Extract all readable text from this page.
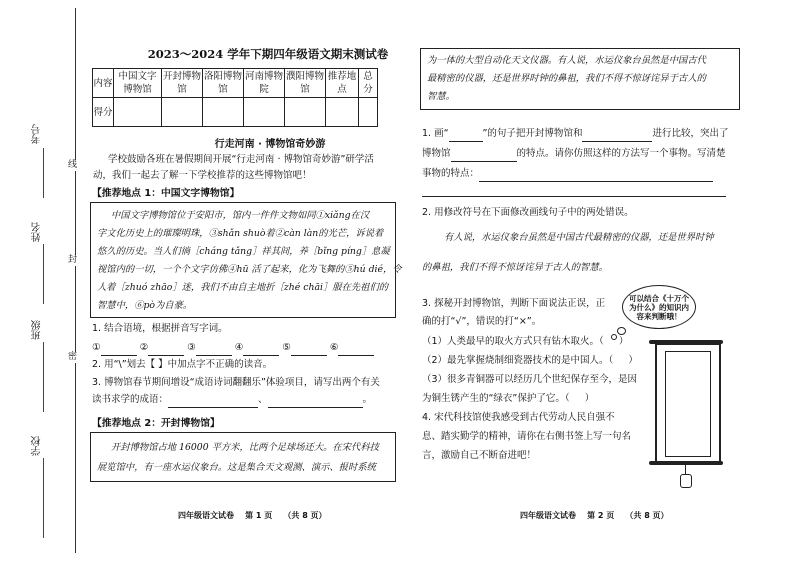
考号
姓名
班级
学校
线
封
密
2023～2024 学年下期四年级语文期末测试卷
内容	中国文字博物馆	开封博物馆	洛阳博物馆	河南博物院	濮阳博物馆	推荐地点	总分
得分							
行走河南 · 博物馆奇妙游
学校鼓励各班在暑假期间开展“行走河南 · 博物馆奇妙游”研学活
动，我们一起去了解一下学校推荐的这些博物馆吧！
【推荐地点 1：中国文字博物馆】
中国文字博物馆位于安阳市，馆内一件件文物如同①xiǎng在汉
字文化历史上的璀璨明珠，③shǎn shuò着②càn làn的光芒，诉说着
悠久的历史。当人们徜［cháng tǎng］祥其间，养［bǐng píng］息凝
视馆内的一切，一个个文字仿佛④hū 活了起来，化为飞舞的⑤hú dié，令
人着［zhuó zhāo］迷，我们不由自主地折［zhé chāi］服在先祖们的
智慧中，⑥pò为自豪。
1. 结合语境，根据拼音写字词。
①	②	③	④	⑤	⑥
2. 用“\”划去【 】中加点字不正确的读音。
3. 博物馆春节期间增设“成语诗词翻翻乐”体验项目，请写出两个有关
读书求学的成语：	、	。
【推荐地点 2：开封博物馆】
开封博物馆占地 16000 平方米，比两个足球场还大。在宋代科技
展览馆中，有一座水运仪象台。这是集合天文观测、演示、报时系统
四年级语文试卷    第 1 页    （共 8 页）
为一体的大型自动化天文仪器。有人说，水运仪象台虽然是中国古代
最精密的仪器，还是世界时钟的鼻祖，我们不得不惊讶诧异于古人的
智慧。
1. 画“	”的句子把开封博物馆和	进行比较，突出了
博物馆	的特点。请你仿照这样的方法写一个事物。写清楚
事物的特点：
2. 用修改符号在下面修改画线句子中的两处错误。
有人说，水运仪象台虽然是中国古代最精密的仪器，还是世界时钟
的鼻祖，我们不得不惊讶诧异于古人的智慧。
3. 探秘开封博物馆，判断下面说法正误，正
确的打“√”，错误的打“×”。
可以结合《十万个为什么》的知识内容来判断哦！
（1）人类最早的取火方式只有钻木取火。（     ）
（2）最先掌握烧制细瓷器技术的是中国人。（     ）
（3）很多青铜器可以经历几个世纪保存至今，是因
为铜生锈产生的“绿衣”保护了它。（     ）
4. 宋代科技馆使我感受到古代劳动人民自强不
息、踏实勤学的精神，请你在右侧书签上写一句名
言，激励自己不断奋进吧！
四年级语文试卷    第 2 页    （共 8 页）
